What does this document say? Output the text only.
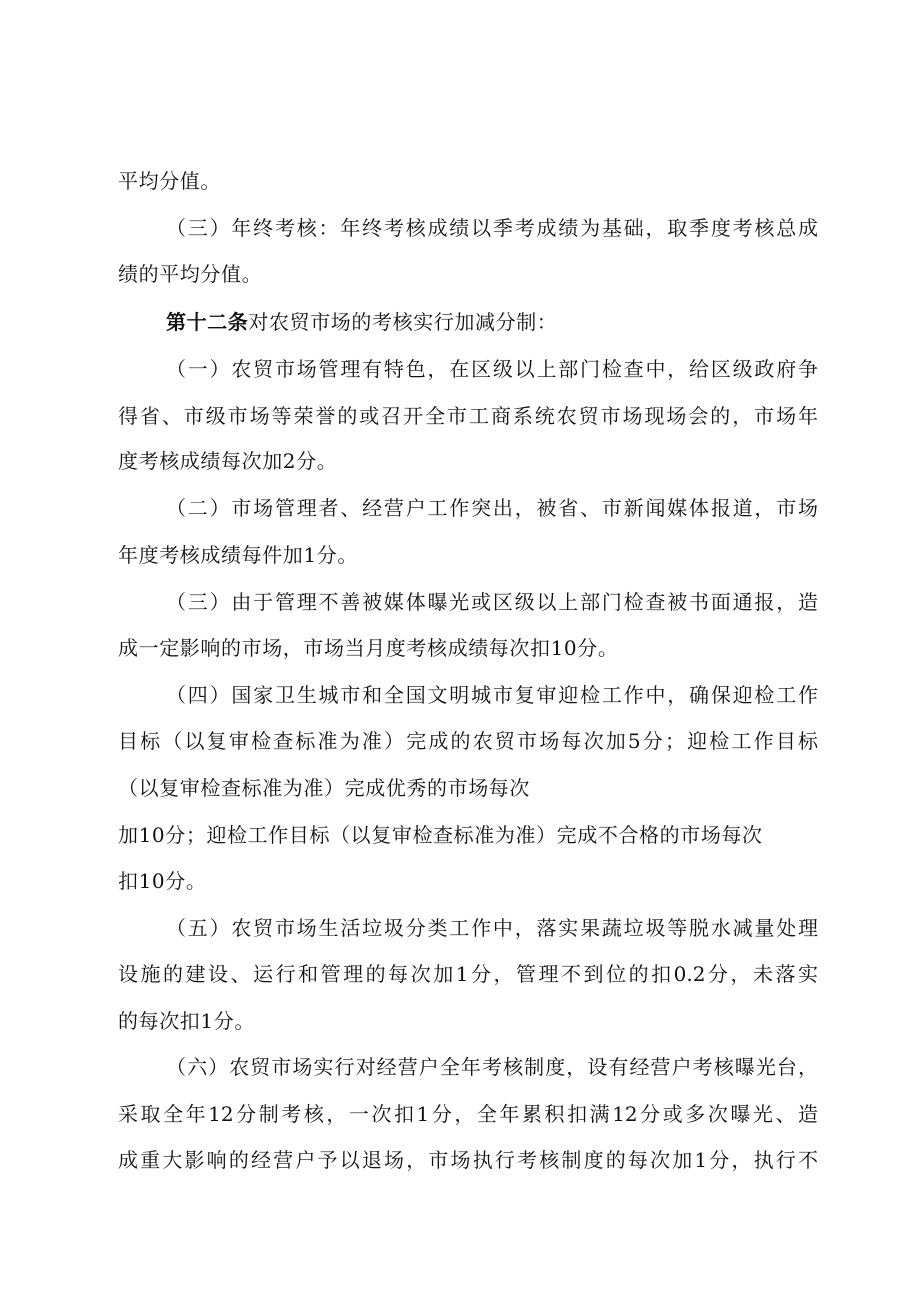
平均分值。
（三）年终考核：年终考核成绩以季考成绩为基础，取季度考核总成
绩的平均分值。
第十二条对农贸市场的考核实行加减分制：
（一）农贸市场管理有特色，在区级以上部门检查中，给区级政府争
得省、市级市场等荣誉的或召开全市工商系统农贸市场现场会的，市场年
度考核成绩每次加2分。
（二）市场管理者、经营户工作突出，被省、市新闻媒体报道，市场
年度考核成绩每件加1分。
（三）由于管理不善被媒体曝光或区级以上部门检查被书面通报，造
成一定影响的市场，市场当月度考核成绩每次扣10分。
（四）国家卫生城市和全国文明城市复审迎检工作中，确保迎检工作
目标（以复审检查标准为准）完成的农贸市场每次加5分；迎检工作目标
（以复审检查标准为准）完成优秀的市场每次
加10分；迎检工作目标（以复审检查标准为准）完成不合格的市场每次
扣10分。
（五）农贸市场生活垃圾分类工作中，落实果蔬垃圾等脱水减量处理
设施的建设、运行和管理的每次加1分，管理不到位的扣0.2分，未落实
的每次扣1分。
（六）农贸市场实行对经营户全年考核制度，设有经营户考核曝光台，
采取全年12分制考核，一次扣1分，全年累积扣满12分或多次曝光、造
成重大影响的经营户予以退场，市场执行考核制度的每次加1分，执行不
